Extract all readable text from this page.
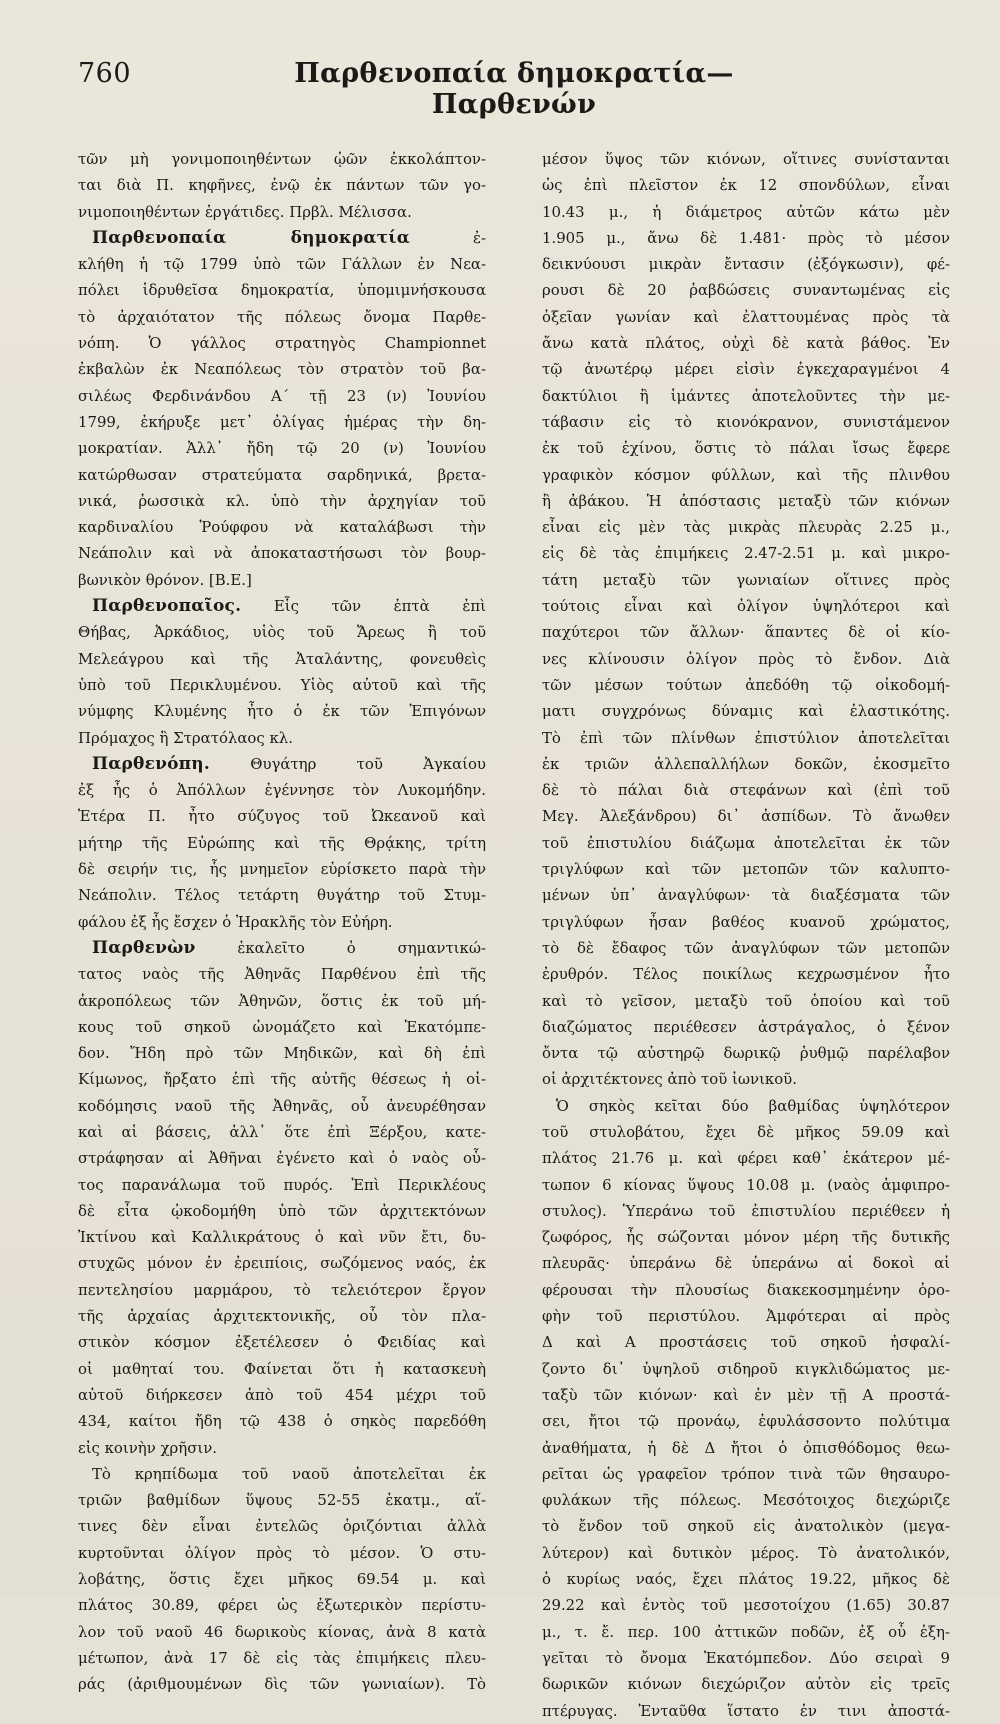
760	Παρθενοπαία δημοκρατία—Παρθενών
τῶν μὴ γονιμοποιηθέντων ᾠῶν ἐκκολάπτον-
ται διὰ Π. κηφῆνες, ἐνῷ ἐκ πάντων τῶν γο-
νιμοποιηθέντων ἐργάτιδες. Πρβλ. Μέλισσα.
Παρθενοπαία δημοκρατία ἐ-
κλήθη ἡ τῷ 1799 ὑπὸ τῶν Γάλλων ἐν Νεα-
πόλει ἱδρυθεῖσα δημοκρατία, ὑπομιμνήσκουσα
τὸ ἀρχαιότατον τῆς πόλεως ὄνομα Παρθε-
νόπη. Ὁ γάλλος στρατηγὸς Championnet
ἐκβαλὼν ἐκ Νεαπόλεως τὸν στρατὸν τοῦ βα-
σιλέως Φερδινάνδου Α΄ τῇ 23 (ν) Ἰουνίου
1799, ἐκήρυξε μετ᾽ ὀλίγας ἡμέρας τὴν δη-
μοκρατίαν. Ἀλλ᾽ ἤδη τῷ 20 (ν) Ἰουνίου
κατώρθωσαν στρατεύματα σαρδηνικά, βρετα-
νικά, ῥωσσικὰ κλ. ὑπὸ τὴν ἀρχηγίαν τοῦ
καρδιναλίου Ῥούφφου νὰ καταλάβωσι τὴν
Νεάπολιν καὶ νὰ ἀποκαταστήσωσι τὸν βουρ-
βωνικὸν θρόνον. [Β.Ε.]
Παρθενοπαῖος. Εἷς τῶν ἑπτὰ ἐπὶ
Θήβας, Ἀρκάδιος, υἱὸς τοῦ Ἄρεως ἢ τοῦ
Μελεάγρου καὶ τῆς Ἀταλάντης, φονευθεὶς
ὑπὸ τοῦ Περικλυμένου. Υἱὸς αὐτοῦ καὶ τῆς
νύμφης Κλυμένης ἦτο ὁ ἐκ τῶν Ἐπιγόνων
Πρόμαχος ἢ Στρατόλαος κλ.
Παρθενόπη. Θυγάτηρ τοῦ Ἀγκαίου
ἐξ ἧς ὁ Ἀπόλλων ἐγέννησε τὸν Λυκομήδην.
Ἑτέρα Π. ἦτο σύζυγος τοῦ Ὠκεανοῦ καὶ
μήτηρ τῆς Εὐρώπης καὶ τῆς Θρᾴκης, τρίτη
δὲ σειρήν τις, ἧς μνημεῖον εὑρίσκετο παρὰ τὴν
Νεάπολιν. Τέλος τετάρτη θυγάτηρ τοῦ Στυμ-
φάλου ἐξ ἧς ἔσχεν ὁ Ἡρακλῆς τὸν Εὐήρη.
Παρθενὼν ἐκαλεῖτο ὁ σημαντικώ-
τατος ναὸς τῆς Ἀθηνᾶς Παρθένου ἐπὶ τῆς
ἀκροπόλεως τῶν Ἀθηνῶν, ὅστις ἐκ τοῦ μή-
κους τοῦ σηκοῦ ὠνομάζετο καὶ Ἑκατόμπε-
δον. Ἤδη πρὸ τῶν Μηδικῶν, καὶ δὴ ἐπὶ
Κίμωνος, ἤρξατο ἐπὶ τῆς αὐτῆς θέσεως ἡ οἰ-
κοδόμησις ναοῦ τῆς Ἀθηνᾶς, οὗ ἀνευρέθησαν
καὶ αἱ βάσεις, ἀλλ᾽ ὅτε ἐπὶ Ξέρξου, κατε-
στράφησαν αἱ Ἀθῆναι ἐγένετο καὶ ὁ ναὸς οὗ-
τος παρανάλωμα τοῦ πυρός. Ἐπὶ Περικλέους
δὲ εἶτα ᾠκοδομήθη ὑπὸ τῶν ἀρχιτεκτόνων
Ἰκτίνου καὶ Καλλικράτους ὁ καὶ νῦν ἔτι, δυ-
στυχῶς μόνον ἐν ἐρειπίοις, σωζόμενος ναός, ἐκ
πεντελησίου μαρμάρου, τὸ τελειότερον ἔργον
τῆς ἀρχαίας ἀρχιτεκτονικῆς, οὗ τὸν πλα-
στικὸν κόσμον ἐξετέλεσεν ὁ Φειδίας καὶ
οἱ μαθηταί του. Φαίνεται ὅτι ἡ κατασκευὴ
αὐτοῦ διήρκεσεν ἀπὸ τοῦ 454 μέχρι τοῦ
434, καίτοι ἤδη τῷ 438 ὁ σηκὸς παρεδόθη
εἰς κοινὴν χρῆσιν.
Τὸ κρηπίδωμα τοῦ ναοῦ ἀποτελεῖται ἐκ
τριῶν βαθμίδων ὕψους 52-55 ἑκατμ., αἵ-
τινες δὲν εἶναι ἐντελῶς ὁριζόντιαι ἀλλὰ
κυρτοῦνται ὀλίγον πρὸς τὸ μέσον. Ὁ στυ-
λοβάτης, ὅστις ἔχει μῆκος 69.54 μ. καὶ
πλάτος 30.89, φέρει ὡς ἐξωτερικὸν περίστυ-
λον τοῦ ναοῦ 46 δωρικοὺς κίονας, ἀνὰ 8 κατὰ
μέτωπον, ἀνὰ 17 δὲ εἰς τὰς ἐπιμήκεις πλευ-
ράς (ἀριθμουμένων δὶς τῶν γωνιαίων). Τὸ
μέσον ὕψος τῶν κιόνων, οἵτινες συνίστανται
ὡς ἐπὶ πλεῖστον ἐκ 12 σπονδύλων, εἶναι
10.43 μ., ἡ διάμετρος αὐτῶν κάτω μὲν
1.905 μ., ἄνω δὲ 1.481· πρὸς τὸ μέσον
δεικνύουσι μικρὰν ἔντασιν (ἐξόγκωσιν), φέ-
ρουσι δὲ 20 ῥαβδώσεις συναντωμένας εἰς
ὀξεῖαν γωνίαν καὶ ἐλαττουμένας πρὸς τὰ
ἄνω κατὰ πλάτος, οὐχὶ δὲ κατὰ βάθος. Ἐν
τῷ ἀνωτέρῳ μέρει εἰσὶν ἐγκεχαραγμένοι 4
δακτύλιοι ἢ ἱμάντες ἀποτελοῦντες τὴν με-
τάβασιν εἰς τὸ κιονόκρανον, συνιστάμενον
ἐκ τοῦ ἐχίνου, ὅστις τὸ πάλαι ἴσως ἔφερε
γραφικὸν κόσμον φύλλων, καὶ τῆς πλινθου
ἢ ἀβάκου. Ἡ ἀπόστασις μεταξὺ τῶν κιόνων
εἶναι εἰς μὲν τὰς μικρὰς πλευρὰς 2.25 μ.,
εἰς δὲ τὰς ἐπιμήκεις 2.47-2.51 μ. καὶ μικρο-
τάτη μεταξὺ τῶν γωνιαίων οἵτινες πρὸς
τούτοις εἶναι καὶ ὀλίγον ὑψηλότεροι καὶ
παχύτεροι τῶν ἄλλων· ἅπαντες δὲ οἱ κίο-
νες κλίνουσιν ὀλίγον πρὸς τὸ ἔνδον. Διὰ
τῶν μέσων τούτων ἀπεδόθη τῷ οἰκοδομή-
ματι συγχρόνως δύναμις καὶ ἐλαστικότης.
Τὸ ἐπὶ τῶν πλίνθων ἐπιστύλιον ἀποτελεῖται
ἐκ τριῶν ἀλλεπαλλήλων δοκῶν, ἐκοσμεῖτο
δὲ τὸ πάλαι διὰ στεφάνων καὶ (ἐπὶ τοῦ
Μεγ. Ἀλεξάνδρου) δι᾽ ἀσπίδων. Τὸ ἄνωθεν
τοῦ ἐπιστυλίου διάζωμα ἀποτελεῖται ἐκ τῶν
τριγλύφων καὶ τῶν μετοπῶν τῶν καλυπτο-
μένων ὑπ᾽ ἀναγλύφων· τὰ διαξέσματα τῶν
τριγλύφων ἦσαν βαθέος κυανοῦ χρώματος,
τὸ δὲ ἔδαφος τῶν ἀναγλύφων τῶν μετοπῶν
ἐρυθρόν. Τέλος ποικίλως κεχρωσμένον ἦτο
καὶ τὸ γεῖσον, μεταξὺ τοῦ ὁποίου καὶ τοῦ
διαζώματος περιέθεσεν ἀστράγαλος, ὁ ξένον
ὄντα τῷ αὐστηρῷ δωρικῷ ῥυθμῷ παρέλαβον
οἱ ἀρχιτέκτονες ἀπὸ τοῦ ἰωνικοῦ.
Ὁ σηκὸς κεῖται δύο βαθμίδας ὑψηλότερον
τοῦ στυλοβάτου, ἔχει δὲ μῆκος 59.09 καὶ
πλάτος 21.76 μ. καὶ φέρει καθ᾽ ἑκάτερον μέ-
τωπον 6 κίονας ὕψους 10.08 μ. (ναὸς ἀμφιπρο-
στυλος). Ὑπεράνω τοῦ ἐπιστυλίου περιέθεεν ἡ
ζωφόρος, ἧς σώζονται μόνον μέρη τῆς δυτικῆς
πλευρᾶς· ὑπεράνω δὲ ὑπεράνω αἱ δοκοὶ αἱ
φέρουσαι τὴν πλουσίως διακεκοσμημένην ὀρο-
φὴν τοῦ περιστύλου. Ἀμφότεραι αἱ πρὸς
Δ καὶ Α προστάσεις τοῦ σηκοῦ ἠσφαλί-
ζοντο δι᾽ ὑψηλοῦ σιδηροῦ κιγκλιδώματος με-
ταξὺ τῶν κιόνων· καὶ ἐν μὲν τῇ Α προστά-
σει, ἤτοι τῷ προνάῳ, ἐφυλάσσοντο πολύτιμα
ἀναθήματα, ἡ δὲ Δ ἤτοι ὁ ὀπισθόδομος θεω-
ρεῖται ὡς γραφεῖον τρόπον τινὰ τῶν θησαυρο-
φυλάκων τῆς πόλεως. Μεσότοιχος διεχώριζε
τὸ ἔνδον τοῦ σηκοῦ εἰς ἀνατολικὸν (μεγα-
λύτερον) καὶ δυτικὸν μέρος. Τὸ ἀνατολικόν,
ὁ κυρίως ναός, ἔχει πλάτος 19.22, μῆκος δὲ
29.22 καὶ ἐντὸς τοῦ μεσοτοίχου (1.65) 30.87
μ., τ. ἔ. περ. 100 ἀττικῶν ποδῶν, ἐξ οὗ ἐξη-
γεῖται τὸ ὄνομα Ἑκατόμπεδον. Δύο σειραὶ 9
δωρικῶν κιόνων διεχώριζον αὐτὸν εἰς τρεῖς
πτέρυγας. Ἐνταῦθα ἵστατο ἐν τινι ἀποστά-
